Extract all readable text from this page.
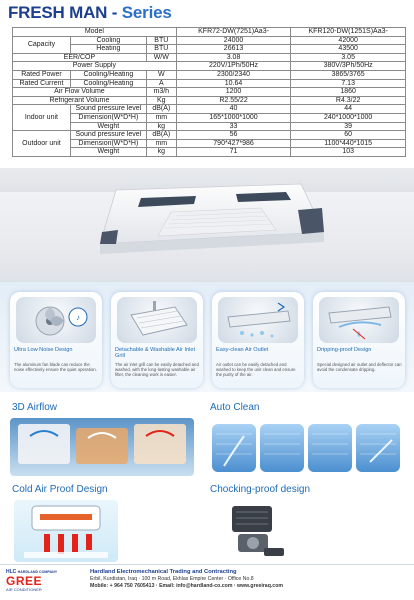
FRESH MAN - Series
Model			KFR72-DW(7251)Aa3-	KFR120-DW(1251S)Aa3-
Capacity	Cooling	BTU	24000	42000
	Heating	BTU	26613	43500
EER/COP		W/W	3.08	3.05
Power Supply			220V/1Ph/50Hz	380V/3Ph/50Hz
Rated Power	Cooling/Heating	W	2300/2340	3865/3765
Rated Current	Cooling/Heating	A	10.64	7.13
Air Flow Volume		m3/h	1200	1860
Refrigerant Volume		Kg	R2.55/22	R4.3/22
Indoor unit	Sound pressure level	dB(A)	40	44
	Dimension(W*D*H)	mm	165*1000*1000	240*1000*1000
	Weight	kg	33	39
Outdoor unit	Sound pressure level	dB(A)	56	60
	Dimension(W*D*H)	mm	790*427*986	1100*440*1015
	Weight	kg	71	103
♪
Ultra Low Noise Design
The aluminum fan blade can reduce the noise effectively ensure the quiet operation.
Detachable & Washable Air Inlet Grill
The air inlet grill can be easily detached and washed, with the long-lasting washable air filter, the cleaning work is easier.
Easy-clean Air Outlet
Air outlet can be easily detached and washed to keep the unit clean and ensure the purity of the air.
Dripping-proof Design
Special designed air outlet and deflector can avoid the condensate dripping.
3D Airflow	Auto Clean
Cold Air Proof Design	Chocking-proof design
HLC HARDLAND COMPANY
GREE
AIR CONDITIONER
Hardland Electromechanical Trading and Contracting
Erbil, Kurdistan, Iraq · 100 m Road, Ekhlas Empire Center · Office No.8
Mobile: + 964 750 7605413 · Email: info@hardland-co.com · www.greeiraq.com
